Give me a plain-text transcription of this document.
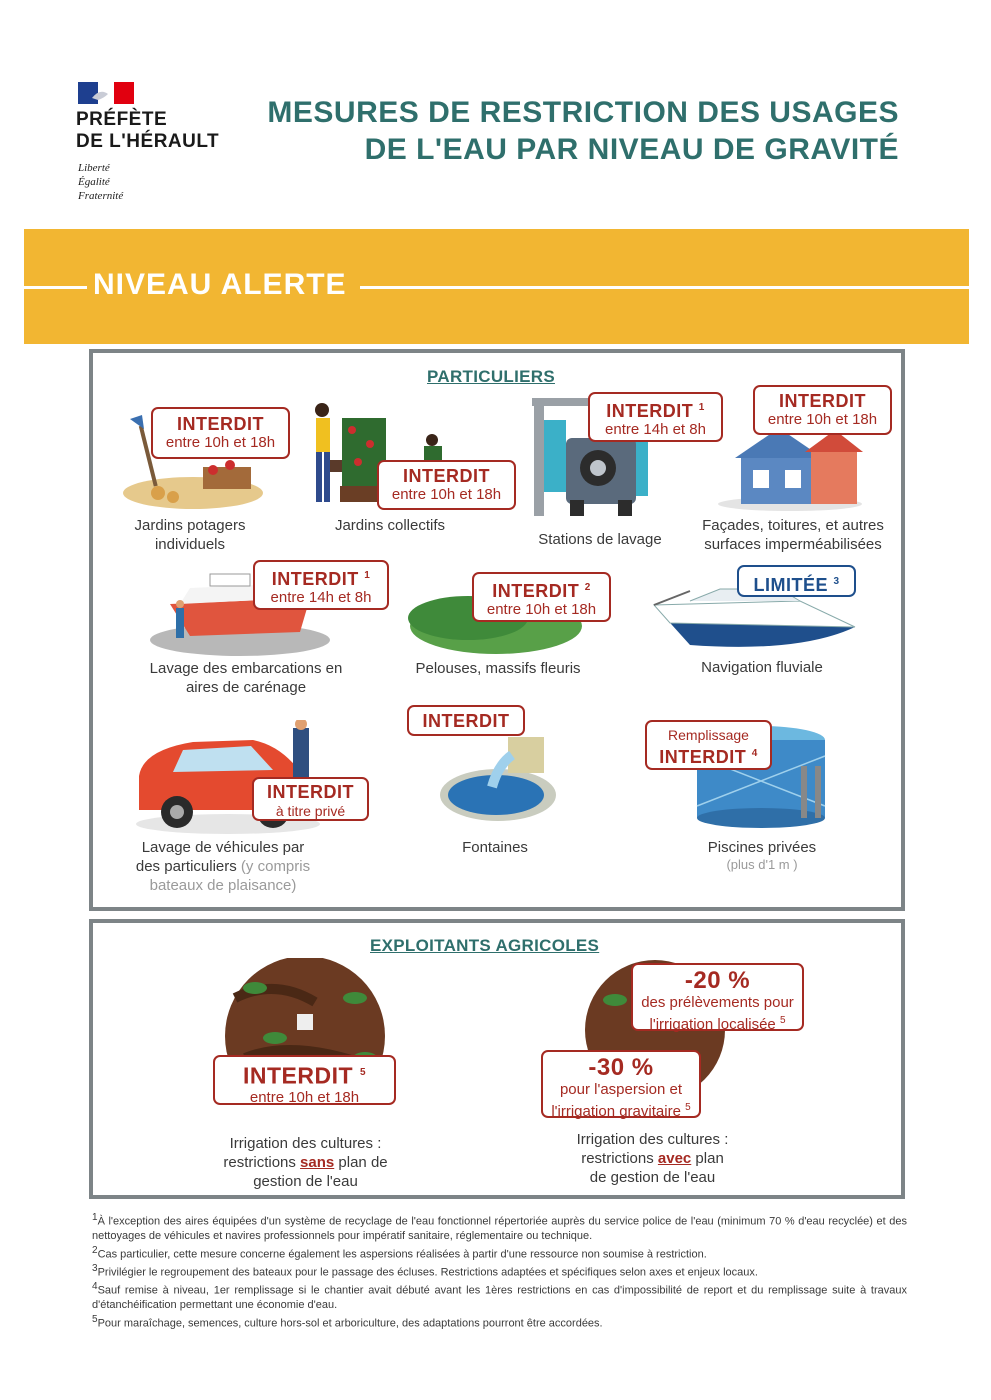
PRÉFÈTE
DE L'HÉRAULT
Liberté
Égalité
Fraternité
MESURES DE RESTRICTION DES USAGES
DE L'EAU PAR NIVEAU DE GRAVITÉ
NIVEAU ALERTE
PARTICULIERS
INTERDIT
entre 10h et 18h
INTERDIT
entre 10h et 18h
INTERDIT $^1$
entre 14h et 8h
INTERDIT
entre 10h et 18h
INTERDIT $^1$
entre 14h et 8h	INTERDIT $^2$
entre 10h et 18h
LIMITÉE $^3$
INTERDIT
à titre privé
INTERDIT
Remplissage
INTERDIT $^4$
Jardins potagers
individuels
Jardins collectifs
Stations de lavage
Façades, toitures, et autres
surfaces imperméabilisées
Lavage des embarcations en
aires de carénage
Pelouses, massifs fleuris	Navigation fluviale
Lavage de véhicules par
des particuliers (y compris
bateaux de plaisance)
Fontaines	Piscines privées
(plus d'1 m )
EXPLOITANTS AGRICOLES
INTERDIT $^5$
entre 10h et 18h
-20 %
des prélèvements pour
l'irrigation localisée $^5$
-30 %
pour l'aspersion et
l'irrigation gravitaire $^5$
Irrigation des cultures :
restrictions sans plan de
gestion de l'eau
Irrigation des cultures :
restrictions avec plan
de gestion de l'eau
$^1$À l'exception des aires équipées d'un système de recyclage de l'eau fonctionnel répertoriée auprès du service police de l'eau (minimum 70 % d'eau recyclée) et des nettoyages de véhicules et navires professionnels pour impératif sanitaire, réglementaire ou technique.
$^2$Cas particulier, cette mesure concerne également les aspersions réalisées à partir d'une ressource non soumise à restriction.
$^3$Privilégier le regroupement des bateaux pour le passage des écluses. Restrictions adaptées et spécifiques selon axes et enjeux locaux.
$^4$Sauf remise à niveau, 1er remplissage si le chantier avait débuté avant les 1ères restrictions en cas d'impossibilité de report et du remplissage suite à travaux d'étanchéification permettant une économie d'eau.
$^5$Pour maraîchage, semences, culture hors-sol et arboriculture, des adaptations pourront être accordées.
